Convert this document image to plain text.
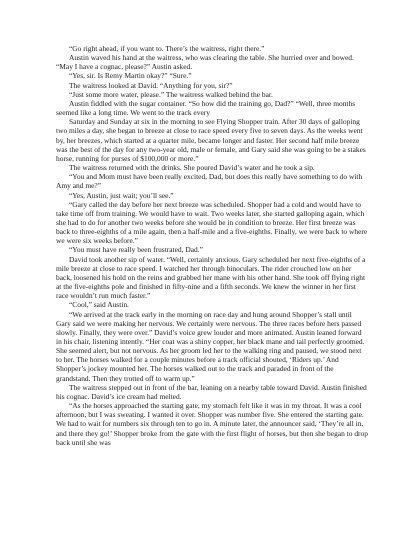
“Go right ahead, if you want to. There’s the waitress, right there.”

Austin waved his hand at the waitress, who was clearing the table. She hurried over and bowed. “May I have a cognac, please?” Austin asked.

“Yes, sir. Is Remy Martin okay?” “Sure.”

The waitress looked at David. “Anything for you, sir?”

“Just some more water, please.” The waitress walked behind the bar.

Austin fiddled with the sugar container. “So how did the training go, Dad?” “Well, three months seemed like a long time. We went to the track every

Saturday and Sunday at six in the morning to see Flying Shopper train. After 30 days of galloping two miles a day, she began to breeze at close to race speed every five to seven days. As the weeks went by, her breezes, which started at a quarter mile, became longer and faster. Her second half mile breeze was the best of the day for any two-year old, male or female, and Gary said she was going to be a stakes horse, running for purses of $100,000 or more.”

The waitress returned with the drinks. She poured David’s water and he took a sip.

“You and Mom must have been really excited, Dad, but does this really have something to do with Amy and me?”

“Yes, Austin, just wait; you’ll see.”

“Gary called the day before her next breeze was scheduled. Shopper had a cold and would have to take time off from training. We would have to wait. Two weeks later, she started galloping again, which she had to do for another two weeks before she would be in condition to breeze. Her first breeze was back to three-eighths of a mile again, then a half-mile and a five-eighths. Finally, we were back to where we were six weeks before.”

“You must have really been frustrated, Dad.”

David took another sip of water. “Well, certainly anxious. Gary scheduled her next five-eighths of a mile breeze at close to race speed. I watched her through binoculars. The rider crouched low on her back, loosened his hold on the reins and grabbed her mane with his other hand. She took off flying right at the five-eighths pole and finished in fifty-nine and a fifth seconds. We knew the winner in her first race wouldn’t run much faster.”

“Cool,” said Austin.

“We arrived at the track early in the morning on race day and hung around Shopper’s stall until Gary said we were making her nervous. We certainly were nervous. The three races before hers passed slowly. Finally, they were over.” David’s voice grew louder and more animated. Austin leaned forward in his chair, listening intently. “Her coat was a shiny copper, her black mane and tail perfectly groomed. She seemed alert, but not nervous. As her groom led her to the walking ring and paused, we stood next to her. The horses walked for a couple minutes before a track official shouted, ‘Riders up.’ And Shopper’s jockey mounted her. The horses walked out to the track and paraded in front of the grandstand. Then they trotted off to warm up.”

The waitress stepped out in front of the bar, leaning on a nearby table toward David. Austin finished his cognac. David’s ice cream had melted.

“As the horses approached the starting gate, my stomach felt like it was in my throat. It was a cool afternoon, but I was sweating. I wanted it over. Shopper was number five. She entered the starting gate. We had to wait for numbers six through ten to go in. A minute later, the announcer said, ‘They’re all in, and there they go!’ Shopper broke from the gate with the first flight of horses, but then she began to drop back until she was
